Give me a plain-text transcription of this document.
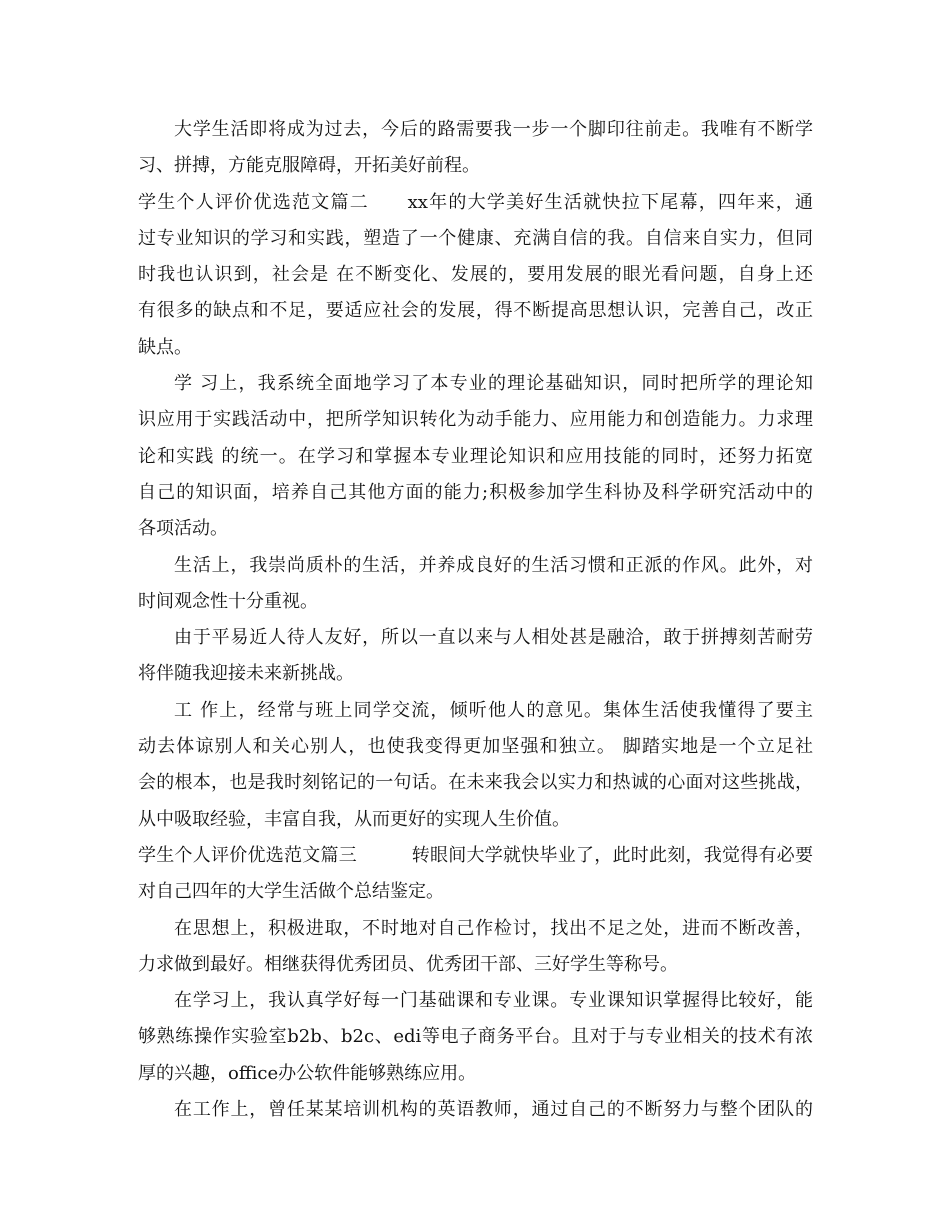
大学生活即将成为过去，今后的路需要我一步一个脚印往前走。我唯有不断学
习、拼搏，方能克服障碍，开拓美好前程。
学生个人评价优选范文篇二　　xx年的大学美好生活就快拉下尾幕，四年来，通
过专业知识的学习和实践，塑造了一个健康、充满自信的我。自信来自实力，但同
时我也认识到，社会是 在不断变化、发展的，要用发展的眼光看问题，自身上还
有很多的缺点和不足，要适应社会的发展，得不断提高思想认识，完善自己，改正
缺点。
学 习上，我系统全面地学习了本专业的理论基础知识，同时把所学的理论知
识应用于实践活动中，把所学知识转化为动手能力、应用能力和创造能力。力求理
论和实践 的统一。在学习和掌握本专业理论知识和应用技能的同时，还努力拓宽
自己的知识面，培养自己其他方面的能力;积极参加学生科协及科学研究活动中的
各项活动。
生活上，我崇尚质朴的生活，并养成良好的生活习惯和正派的作风。此外，对
时间观念性十分重视。
由于平易近人待人友好，所以一直以来与人相处甚是融洽，敢于拼搏刻苦耐劳
将伴随我迎接未来新挑战。
工 作上，经常与班上同学交流，倾听他人的意见。集体生活使我懂得了要主
动去体谅别人和关心别人，也使我变得更加坚强和独立。 脚踏实地是一个立足社
会的根本，也是我时刻铭记的一句话。在未来我会以实力和热诚的心面对这些挑战，
从中吸取经验，丰富自我，从而更好的实现人生价值。
学生个人评价优选范文篇三　　　转眼间大学就快毕业了，此时此刻，我觉得有必要
对自己四年的大学生活做个总结鉴定。
在思想上，积极进取，不时地对自己作检讨，找出不足之处，进而不断改善，
力求做到最好。相继获得优秀团员、优秀团干部、三好学生等称号。
在学习上，我认真学好每一门基础课和专业课。专业课知识掌握得比较好，能
够熟练操作实验室b2b、b2c、edi等电子商务平台。且对于与专业相关的技术有浓
厚的兴趣，office办公软件能够熟练应用。
在工作上，曾任某某培训机构的英语教师，通过自己的不断努力与整个团队的
